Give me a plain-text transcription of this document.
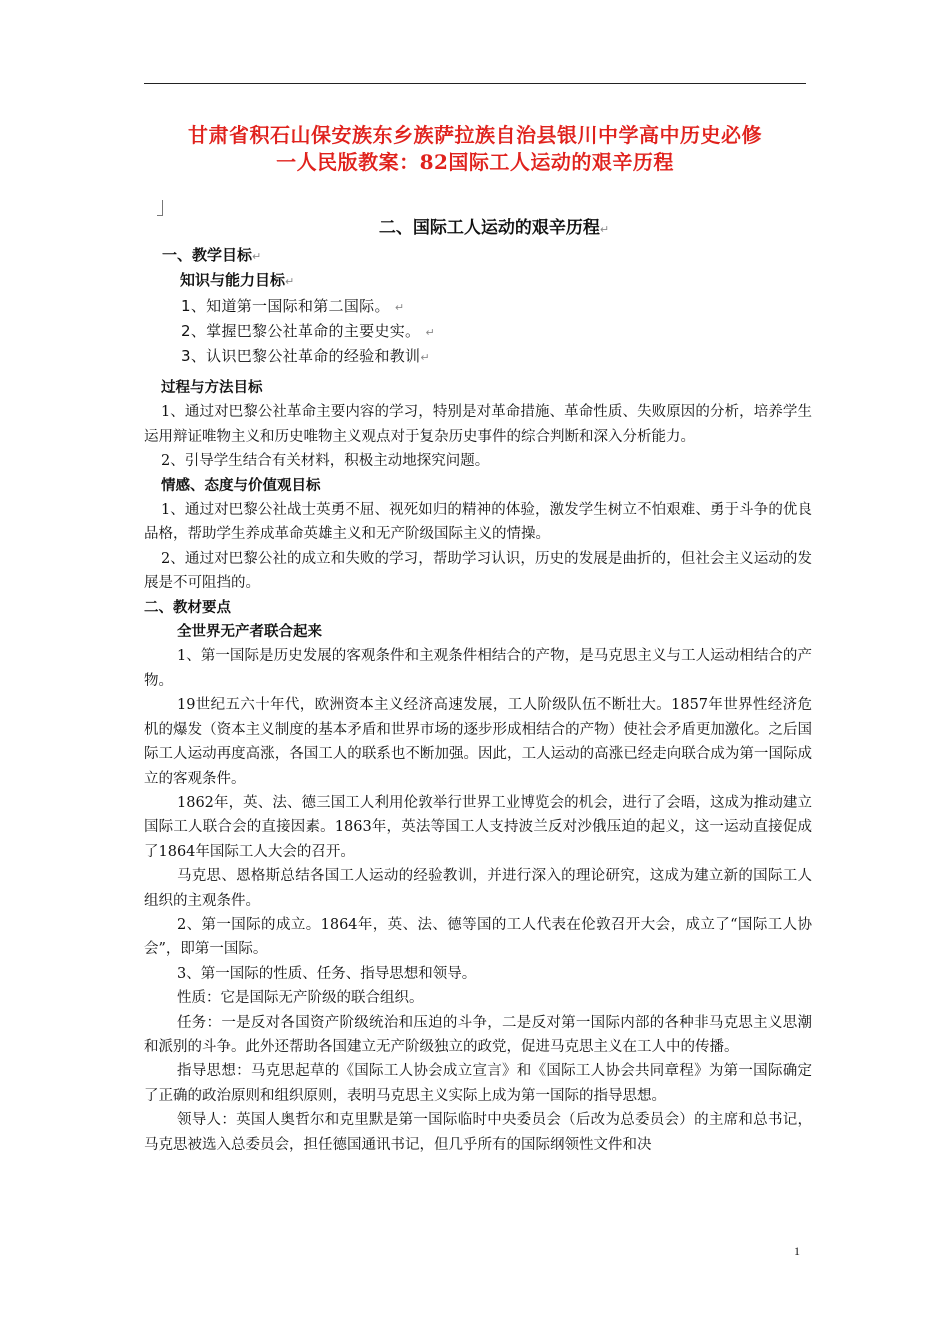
甘肃省积石山保安族东乡族萨拉族自治县银川中学高中历史必修
一人民版教案：82国际工人运动的艰辛历程
二、国际工人运动的艰辛历程↵
一、教学目标↵
知识与能力目标↵
1、知道第一国际和第二国际。 ↵
2、掌握巴黎公社革命的主要史实。 ↵
3、认识巴黎公社革命的经验和教训↵

过程与方法目标

1、通过对巴黎公社革命主要内容的学习，特别是对革命措施、革命性质、失败原因的分析，培养学生运用辩证唯物主义和历史唯物主义观点对于复杂历史事件的综合判断和深入分析能力。

2、引导学生结合有关材料，积极主动地探究问题。

情感、态度与价值观目标

1、通过对巴黎公社战士英勇不屈、视死如归的精神的体验，激发学生树立不怕艰难、勇于斗争的优良品格，帮助学生养成革命英雄主义和无产阶级国际主义的情操。

2、通过对巴黎公社的成立和失败的学习，帮助学习认识，历史的发展是曲折的，但社会主义运动的发展是不可阻挡的。

二、教材要点

全世界无产者联合起来

1、第一国际是历史发展的客观条件和主观条件相结合的产物，是马克思主义与工人运动相结合的产物。

19世纪五六十年代，欧洲资本主义经济高速发展，工人阶级队伍不断壮大。1857年世界性经济危机的爆发（资本主义制度的基本矛盾和世界市场的逐步形成相结合的产物）使社会矛盾更加激化。之后国际工人运动再度高涨，各国工人的联系也不断加强。因此，工人运动的高涨已经走向联合成为第一国际成立的客观条件。

1862年，英、法、德三国工人利用伦敦举行世界工业博览会的机会，进行了会晤，这成为推动建立国际工人联合会的直接因素。1863年，英法等国工人支持波兰反对沙俄压迫的起义，这一运动直接促成了1864年国际工人大会的召开。

马克思、恩格斯总结各国工人运动的经验教训，并进行深入的理论研究，这成为建立新的国际工人组织的主观条件。

2、第一国际的成立。1864年，英、法、德等国的工人代表在伦敦召开大会，成立了“国际工人协会”，即第一国际。

3、第一国际的性质、任务、指导思想和领导。

性质：它是国际无产阶级的联合组织。

任务：一是反对各国资产阶级统治和压迫的斗争，二是反对第一国际内部的各种非马克思主义思潮和派别的斗争。此外还帮助各国建立无产阶级独立的政党，促进马克思主义在工人中的传播。

指导思想：马克思起草的《国际工人协会成立宣言》和《国际工人协会共同章程》为第一国际确定了正确的政治原则和组织原则，表明马克思主义实际上成为第一国际的指导思想。

领导人：英国人奥哲尔和克里默是第一国际临时中央委员会（后改为总委员会）的主席和总书记，马克思被选入总委员会，担任德国通讯书记，但几乎所有的国际纲领性文件和决

1
